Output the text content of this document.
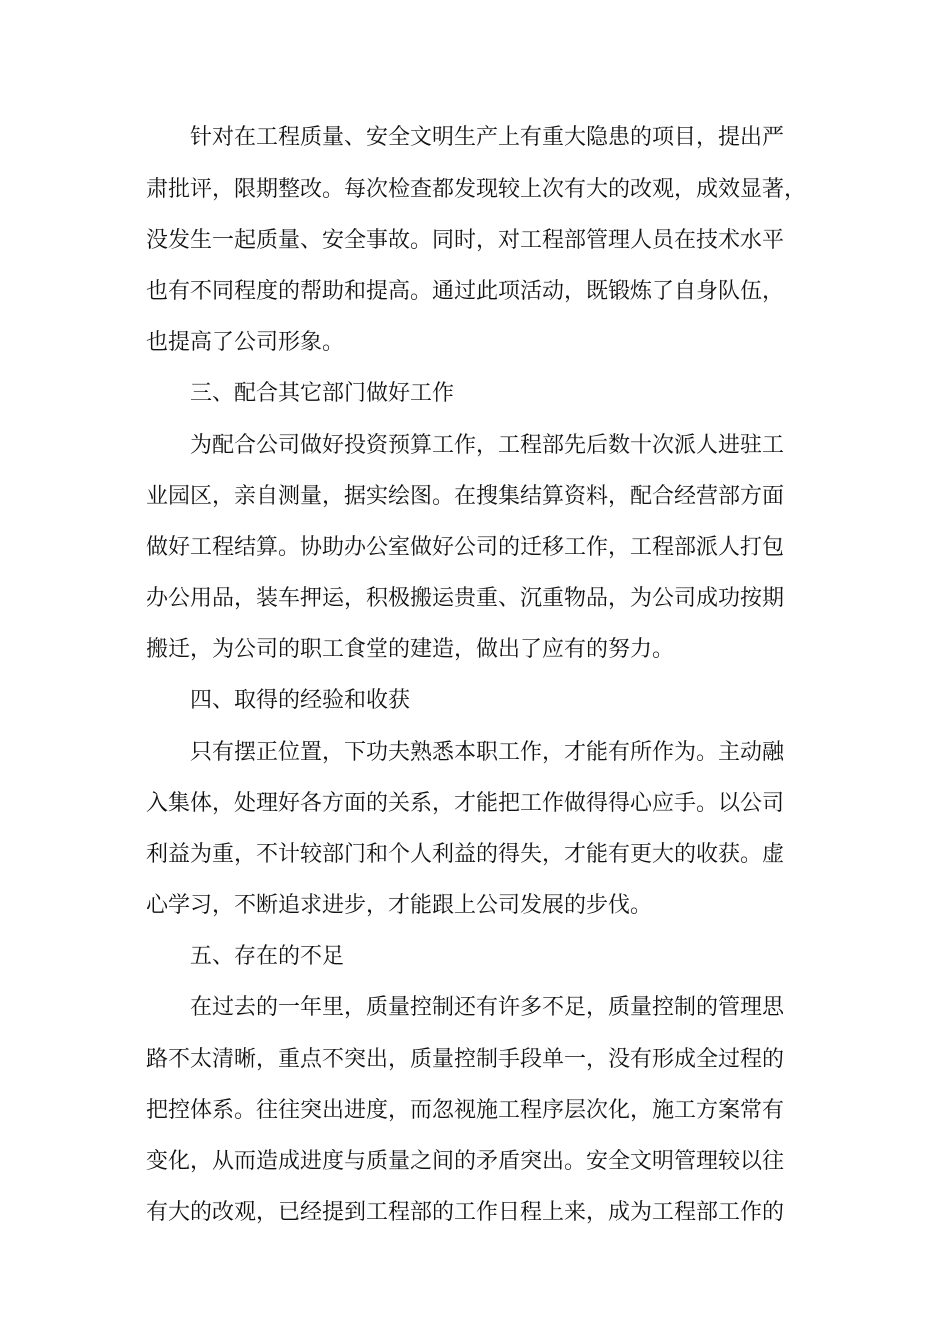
针对在工程质量、安全文明生产上有重大隐患的项目，提出严
肃批评，限期整改。每次检查都发现较上次有大的改观，成效显著，
没发生一起质量、安全事故。同时，对工程部管理人员在技术水平
也有不同程度的帮助和提高。通过此项活动，既锻炼了自身队伍，
也提高了公司形象。
三、配合其它部门做好工作
为配合公司做好投资预算工作，工程部先后数十次派人进驻工
业园区，亲自测量，据实绘图。在搜集结算资料，配合经营部方面
做好工程结算。协助办公室做好公司的迁移工作，工程部派人打包
办公用品，装车押运，积极搬运贵重、沉重物品，为公司成功按期
搬迁，为公司的职工食堂的建造，做出了应有的努力。
四、取得的经验和收获
只有摆正位置，下功夫熟悉本职工作，才能有所作为。主动融
入集体，处理好各方面的关系，才能把工作做得得心应手。以公司
利益为重，不计较部门和个人利益的得失，才能有更大的收获。虚
心学习，不断追求进步，才能跟上公司发展的步伐。
五、存在的不足
在过去的一年里，质量控制还有许多不足，质量控制的管理思
路不太清晰，重点不突出，质量控制手段单一，没有形成全过程的
把控体系。往往突出进度，而忽视施工程序层次化，施工方案常有
变化，从而造成进度与质量之间的矛盾突出。安全文明管理较以往
有大的改观，已经提到工程部的工作日程上来，成为工程部工作的
